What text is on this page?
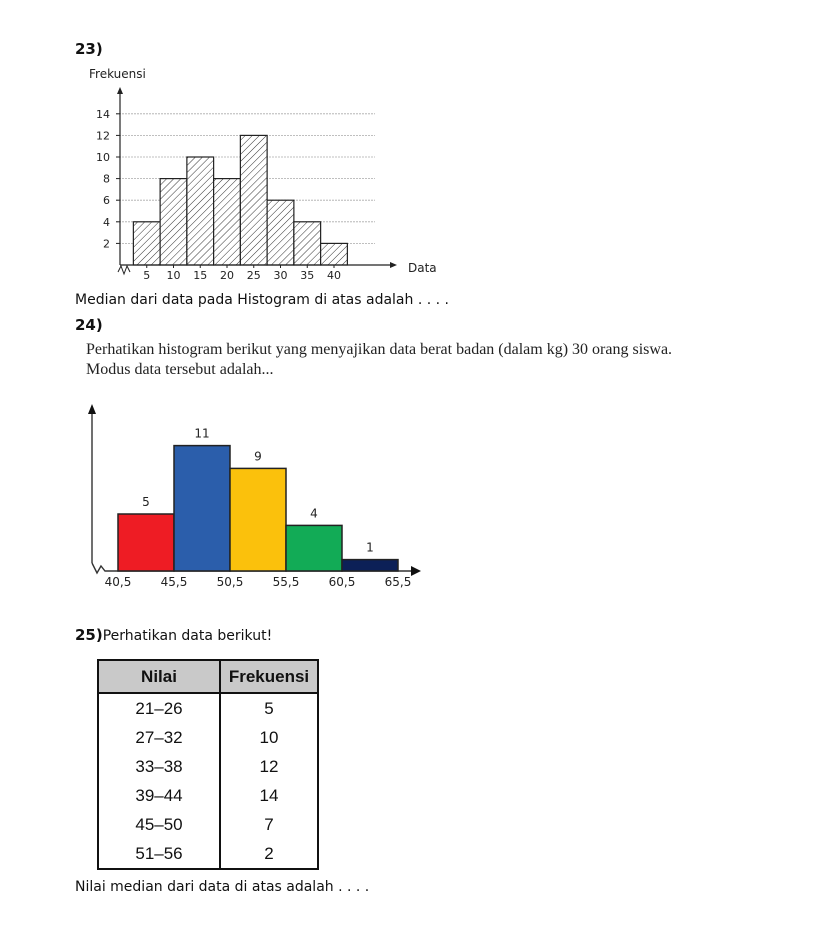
23)
2
4
6
8
10
12
14
5 10 15 20 25 30 35 40
Frekuensi
Data
Median dari data pada Histogram di atas adalah . . . .
24)
Perhatikan histogram berikut yang menyajikan data berat badan (dalam kg) 30 orang siswa.
Modus data tersebut adalah...
5
11
9
4
1
40,5 45,5 50,5 55,5 60,5 65,5
25)Perhatikan data berikut!
Nilai	Frekuensi
21–26	5
27–32	10
33–38	12
39–44	14
45–50	7
51–56	2
Nilai median dari data di atas adalah . . . .
